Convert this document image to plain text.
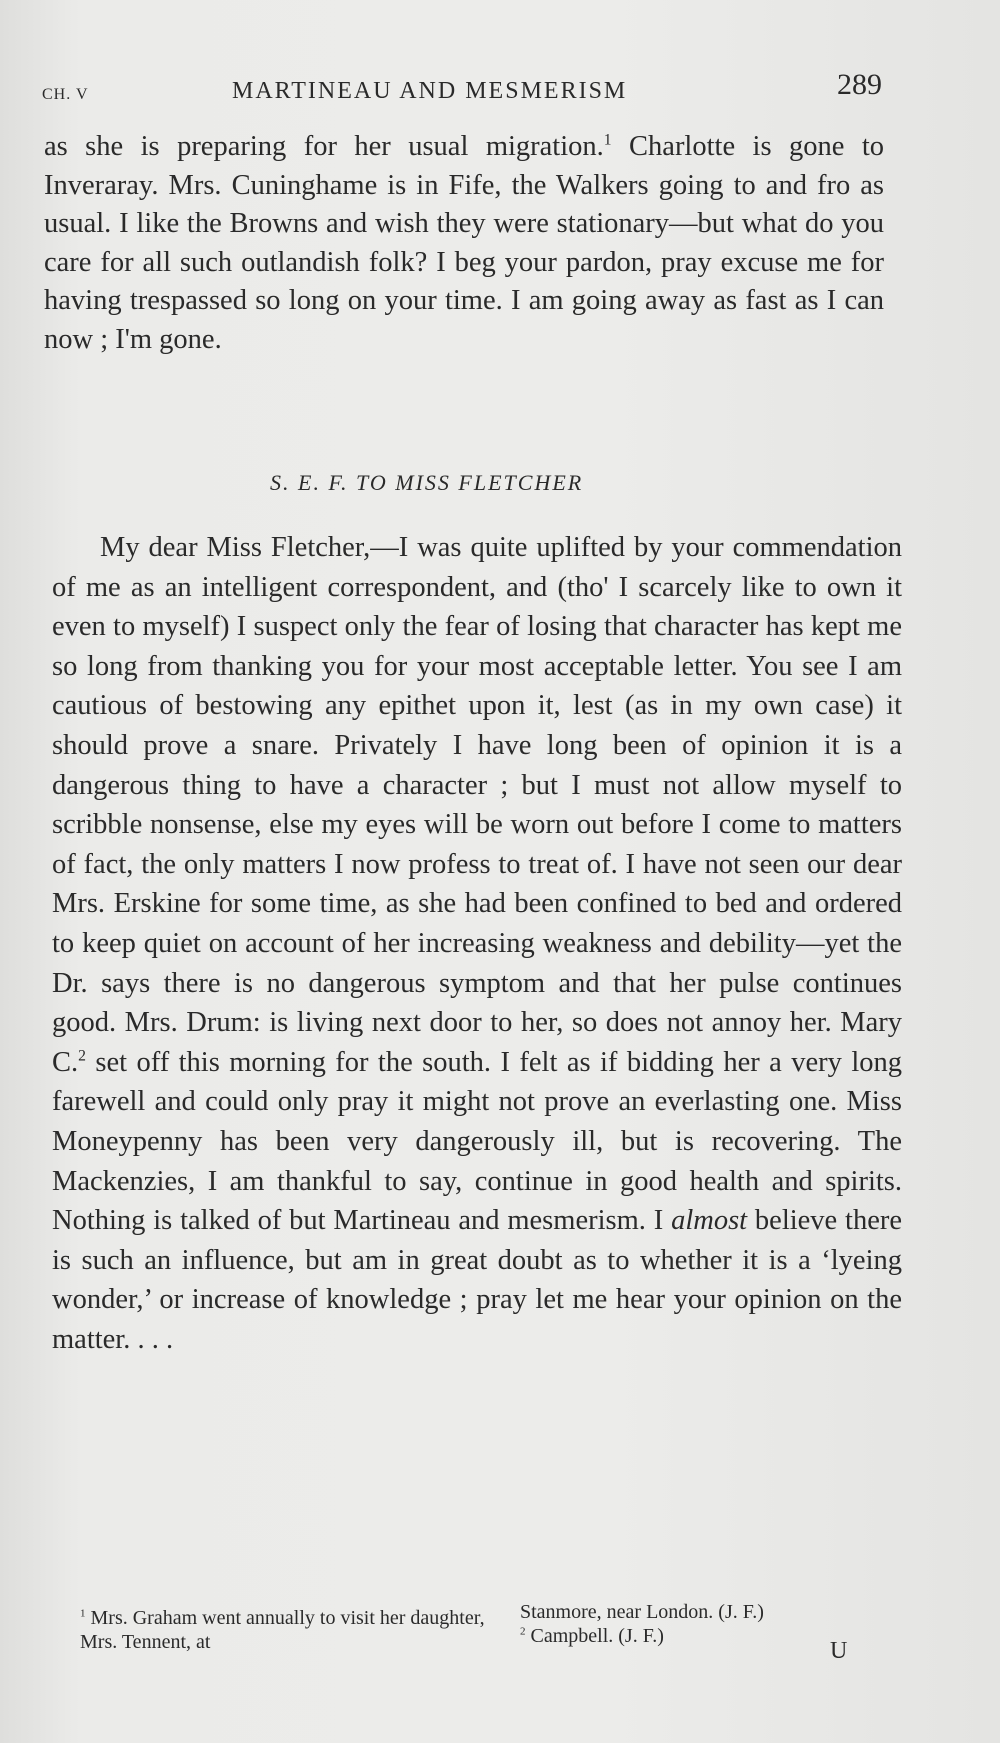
CH. V	MARTINEAU AND MESMERISM	289

as she is preparing for her usual migration.$^1$ Charlotte is gone to Inveraray. Mrs. Cuninghame is in Fife, the Walkers going to and fro as usual. I like the Browns and wish they were stationary—but what do you care for all such outlandish folk? I beg your pardon, pray excuse me for having trespassed so long on your time. I am going away as fast as I can now ; I'm gone.

S. E. F. TO MISS FLETCHER

My dear Miss Fletcher,—I was quite uplifted by your commendation of me as an intelligent correspondent, and (tho' I scarcely like to own it even to myself) I suspect only the fear of losing that character has kept me so long from thanking you for your most acceptable letter. You see I am cautious of bestowing any epithet upon it, lest (as in my own case) it should prove a snare. Privately I have long been of opinion it is a dangerous thing to have a character ; but I must not allow myself to scribble nonsense, else my eyes will be worn out before I come to matters of fact, the only matters I now profess to treat of. I have not seen our dear Mrs. Erskine for some time, as she had been confined to bed and ordered to keep quiet on account of her increasing weakness and debility—yet the Dr. says there is no dangerous symptom and that her pulse continues good. Mrs. Drum: is living next door to her, so does not annoy her. Mary C.$^2$ set off this morning for the south. I felt as if bidding her a very long farewell and could only pray it might not prove an everlasting one. Miss Moneypenny has been very dangerously ill, but is recovering. The Mackenzies, I am thankful to say, continue in good health and spirits. Nothing is talked of but Martineau and mesmerism. I almost believe there is such an influence, but am in great doubt as to whether it is a ‘lyeing wonder,’ or increase of knowledge ; pray let me hear your opinion on the matter. . . .

$^1$ Mrs. Graham went annually to visit her daughter, Mrs. Tennent, at
Stanmore, near London. (J. F.)
$^2$ Campbell. (J. F.)
U
